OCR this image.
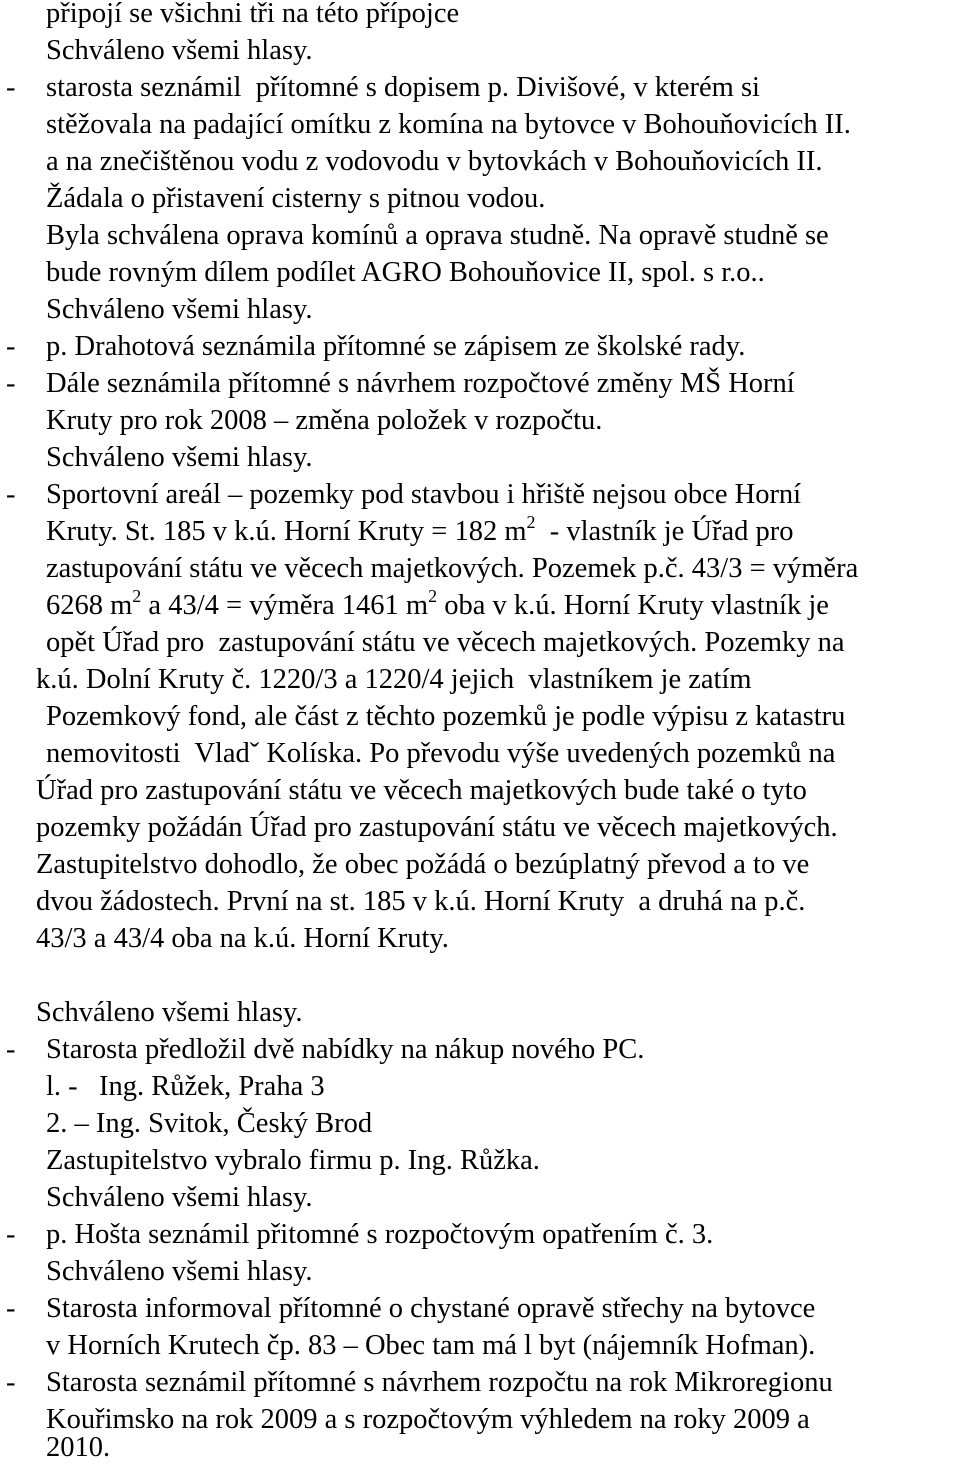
připojí se všichni tři na této přípojce
Schváleno všemi hlasy.
- starosta seznámil  přítomné s dopisem p. Divišové, v kterém si
stěžovala na padající omítku z komína na bytovce v Bohouňovicích II.
a na znečištěnou vodu z vodovodu v bytovkách v Bohouňovicích II.
Žádala o přistavení cisterny s pitnou vodou.
Byla schválena oprava komínů a oprava studně. Na opravě studně se
bude rovným dílem podílet AGRO Bohouňovice II, spol. s r.o..
Schváleno všemi hlasy.
- p. Drahotová seznámila přítomné se zápisem ze školské rady.
- Dále seznámila přítomné s návrhem rozpočtové změny MŠ Horní
Kruty pro rok 2008 – změna položek v rozpočtu.
Schváleno všemi hlasy.
- Sportovní areál – pozemky pod stavbou i hřiště nejsou obce Horní
Kruty. St. 185 v k.ú. Horní Kruty = 182 $m^2$  - vlastník je Úřad pro
zastupování státu ve věcech majetkových. Pozemek p.č. 43/3 = výměra
6268 $m^2$ a 43/4 = výměra 1461 $m^2$ oba v k.ú. Horní Kruty vlastník je
opět Úřad pro  zastupování státu ve věcech majetkových. Pozemky na
k.ú. Dolní Kruty č. 1220/3 a 1220/4 jejich  vlastníkem je zatím
Pozemkový fond, ale část z těchto pozemků je podle výpisu z katastru
nemovitosti  Vladˇ Kolíska. Po převodu výše uvedených pozemků na
Úřad pro zastupování státu ve věcech majetkových bude také o tyto
pozemky požádán Úřad pro zastupování státu ve věcech majetkových.
Zastupitelstvo dohodlo, že obec požádá o bezúplatný převod a to ve
dvou žádostech. První na st. 185 v k.ú. Horní Kruty  a druhá na p.č.
43/3 a 43/4 oba na k.ú. Horní Kruty.
Schváleno všemi hlasy.
- Starosta předložil dvě nabídky na nákup nového PC.
l. -   Ing. Růžek, Praha 3
2. – Ing. Svitok, Český Brod
Zastupitelstvo vybralo firmu p. Ing. Růžka.
Schváleno všemi hlasy.
- p. Hošta seznámil přitomné s rozpočtovým opatřením č. 3.
Schváleno všemi hlasy.
- Starosta informoval přítomné o chystané opravě střechy na bytovce
v Horních Krutech čp. 83 – Obec tam má l byt (nájemník Hofman).
- Starosta seznámil přítomné s návrhem rozpočtu na rok Mikroregionu
Kouřimsko na rok 2009 a s rozpočtovým výhledem na roky 2009 a
2010.
